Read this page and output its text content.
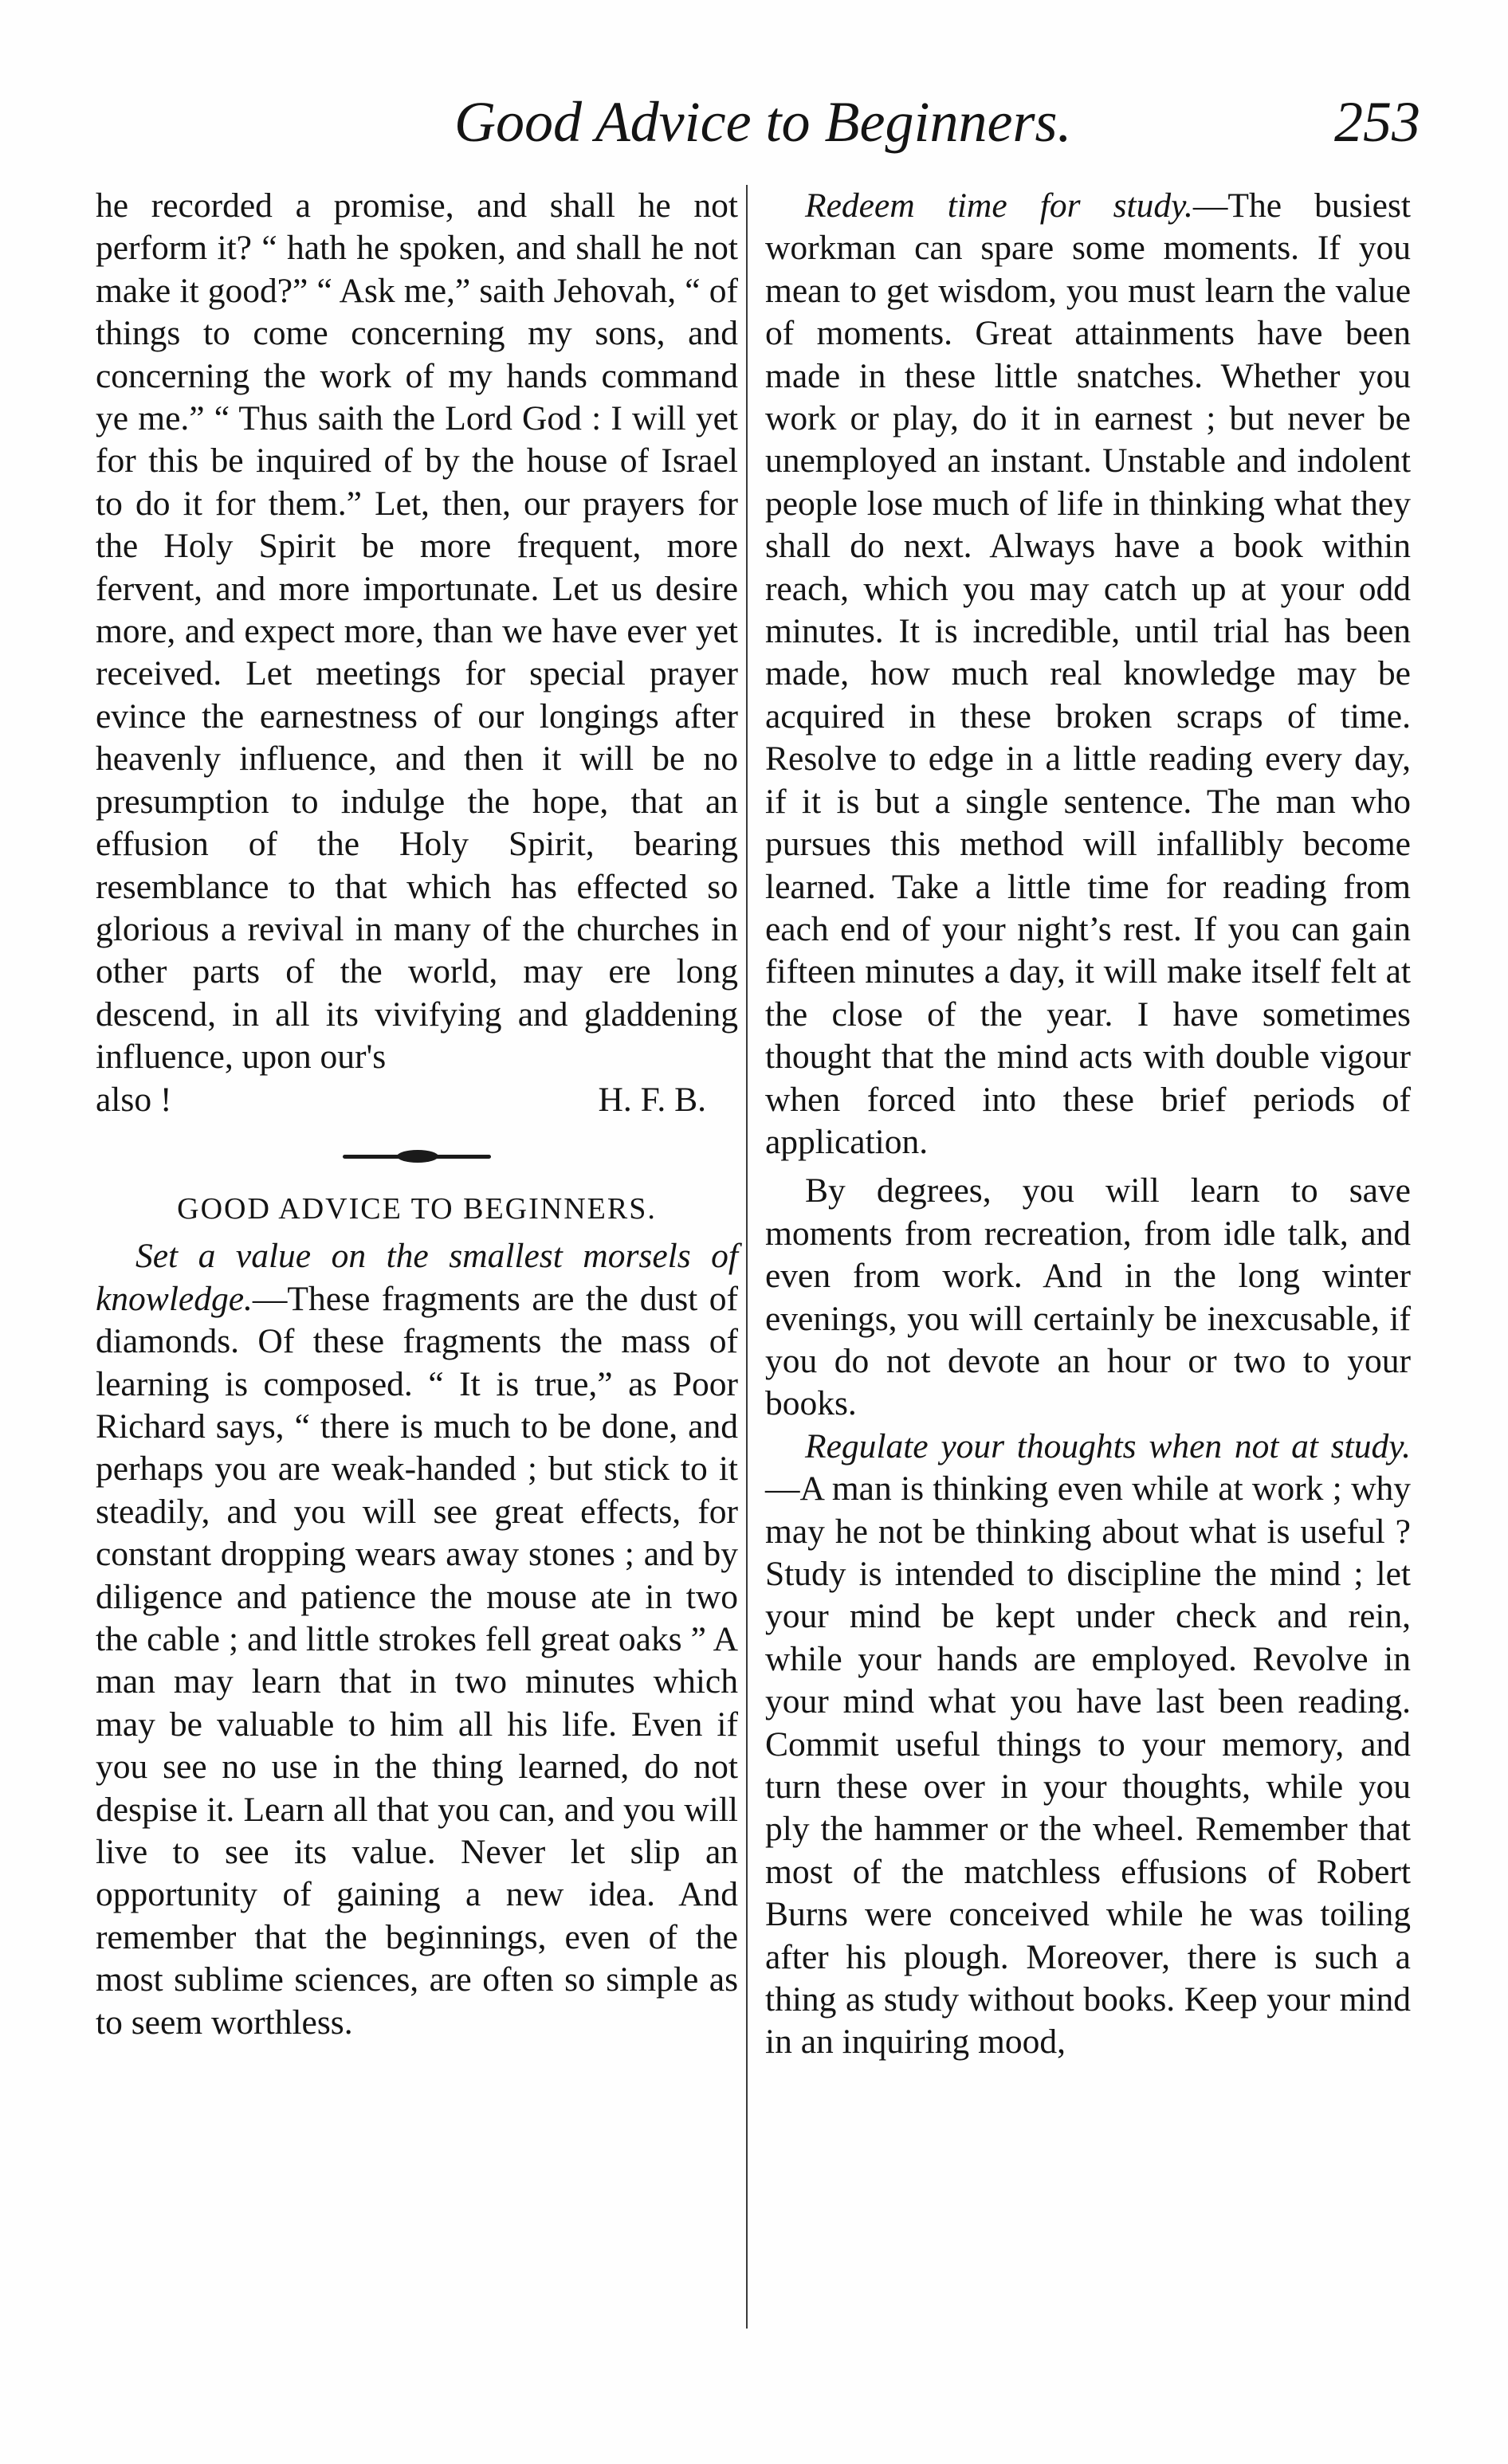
Good Advice to Beginners.	253

he recorded a promise, and shall he not perform it? “ hath he spoken, and shall he not make it good?” “ Ask me,” saith Jehovah, “ of things to come concerning my sons, and concerning the work of my hands command ye me.” “ Thus saith the Lord God : I will yet for this be inquired of by the house of Israel to do it for them.” Let, then, our prayers for the Holy Spirit be more frequent, more fervent, and more importunate. Let us desire more, and expect more, than we have ever yet received. Let meetings for special prayer evince the earnestness of our longings after heavenly influence, and then it will be no presumption to indulge the hope, that an effusion of the Holy Spirit, bearing resemblance to that which has effected so glorious a revival in many of the churches in other parts of the world, may ere long descend, in all its vivifying and gladdening influence, upon our's

also !	H. F. B.

GOOD ADVICE TO BEGINNERS.

Set a value on the smallest morsels of knowledge.—These fragments are the dust of diamonds. Of these fragments the mass of learning is composed. “ It is true,” as Poor Richard says, “ there is much to be done, and perhaps you are weak-handed ; but stick to it steadily, and you will see great effects, for constant dropping wears away stones ; and by diligence and patience the mouse ate in two the cable ; and little strokes fell great oaks ” A man may learn that in two minutes which may be valuable to him all his life. Even if you see no use in the thing learned, do not despise it. Learn all that you can, and you will live to see its value. Never let slip an opportunity of gaining a new idea. And remember that the beginnings, even of the most sublime sciences, are often so simple as to seem worthless.

Redeem time for study.—The busiest workman can spare some moments. If you mean to get wisdom, you must learn the value of moments. Great attainments have been made in these little snatches. Whether you work or play, do it in earnest ; but never be unemployed an instant. Unstable and indolent people lose much of life in thinking what they shall do next. Always have a book within reach, which you may catch up at your odd minutes. It is incredible, until trial has been made, how much real knowledge may be acquired in these broken scraps of time. Resolve to edge in a little reading every day, if it is but a single sentence. The man who pursues this method will infallibly become learned. Take a little time for reading from each end of your night’s rest. If you can gain fifteen minutes a day, it will make itself felt at the close of the year. I have sometimes thought that the mind acts with double vigour when forced into these brief periods of application.

By degrees, you will learn to save moments from recreation, from idle talk, and even from work. And in the long winter evenings, you will certainly be inexcusable, if you do not devote an hour or two to your books.

Regulate your thoughts when not at study.—A man is thinking even while at work ; why may he not be thinking about what is useful ? Study is intended to discipline the mind ; let your mind be kept under check and rein, while your hands are employed. Revolve in your mind what you have last been reading. Commit useful things to your memory, and turn these over in your thoughts, while you ply the hammer or the wheel. Remember that most of the matchless effusions of Robert Burns were conceived while he was toiling after his plough. Moreover, there is such a thing as study without books. Keep your mind in an inquiring mood,
